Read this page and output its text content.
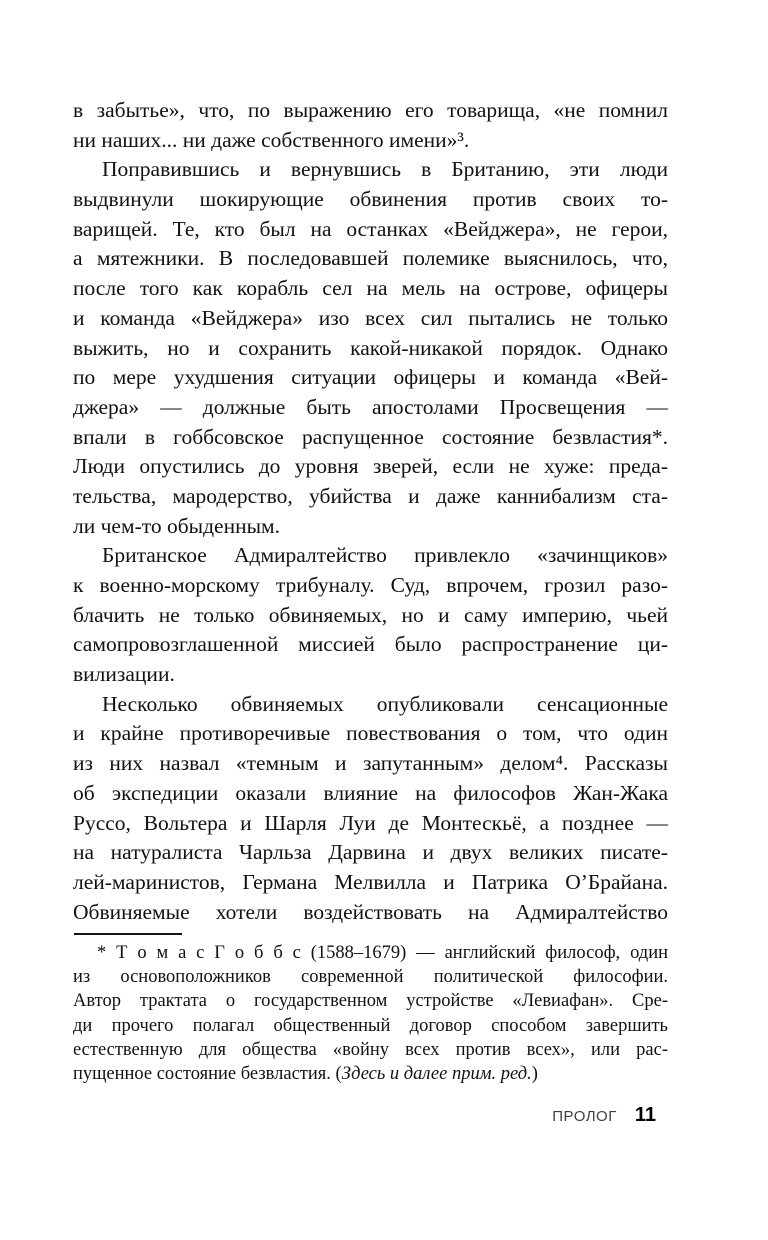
в забытье», что, по выражению его товарища, «не помнил
ни наших... ни даже собственного имени»³.
Поправившись и вернувшись в Британию, эти люди
выдвинули шокирующие обвинения против своих то-
варищей. Те, кто был на останках «Вейджера», не герои,
а мятежники. В последовавшей полемике выяснилось, что,
после того как корабль сел на мель на острове, офицеры
и команда «Вейджера» изо всех сил пытались не только
выжить, но и сохранить какой-никакой порядок. Однако
по мере ухудшения ситуации офицеры и команда «Вей-
джера» — должные быть апостолами Просвещения —
впали в гоббсовское распущенное состояние безвластия*.
Люди опустились до уровня зверей, если не хуже: преда-
тельства, мародерство, убийства и даже каннибализм ста-
ли чем-то обыденным.
Британское Адмиралтейство привлекло «зачинщиков»
к военно-морскому трибуналу. Суд, впрочем, грозил разо-
блачить не только обвиняемых, но и саму империю, чьей
самопровозглашенной миссией было распространение ци-
вилизации.
Несколько обвиняемых опубликовали сенсационные
и крайне противоречивые повествования о том, что один
из них назвал «темным и запутанным» делом⁴. Рассказы
об экспедиции оказали влияние на философов Жан-Жака
Руссо, Вольтера и Шарля Луи де Монтескьё, а позднее —
на натуралиста Чарльза Дарвина и двух великих писате-
лей-маринистов, Германа Мелвилла и Патрика О’Брайана.
Обвиняемые хотели воздействовать на Адмиралтейство
* Т о м а с Г о б б с (1588–1679) — английский философ, один
из основоположников современной политической философии.
Автор трактата о государственном устройстве «Левиафан». Сре-
ди прочего полагал общественный договор способом завершить
естественную для общества «войну всех против всех», или рас-
пущенное состояние безвластия. (Здесь и далее прим. ред.)
ПРОЛОГ 11
